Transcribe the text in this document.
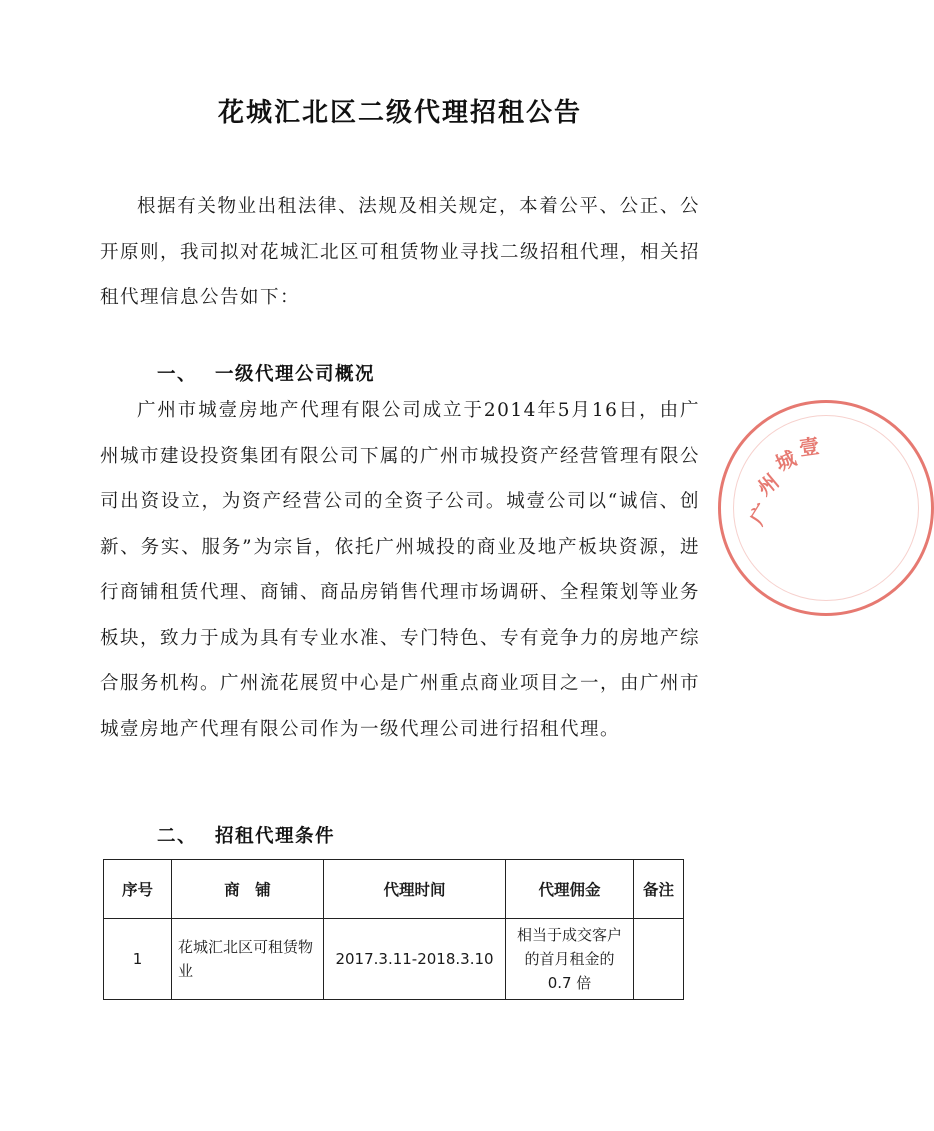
花城汇北区二级代理招租公告

根据有关物业出租法律、法规及相关规定，本着公平、公正、公开原则，我司拟对花城汇北区可租赁物业寻找二级招租代理，相关招租代理信息公告如下：

一、 一级代理公司概况

广州市城壹房地产代理有限公司成立于2014年5月16日，由广州城市建设投资集团有限公司下属的广州市城投资产经营管理有限公司出资设立，为资产经营公司的全资子公司。城壹公司以“诚信、创新、务实、服务”为宗旨，依托广州城投的商业及地产板块资源，进行商铺租赁代理、商铺、商品房销售代理市场调研、全程策划等业务板块，致力于成为具有专业水准、专门特色、专有竞争力的房地产综合服务机构。广州流花展贸中心是广州重点商业项目之一，由广州市城壹房地产代理有限公司作为一级代理公司进行招租代理。

二、 招租代理条件
序号	商　铺	代理时间	代理佣金	备注
1	花城汇北区可租赁物业	2017.3.11-2018.3.10	相当于成交客户的首月租金的 0.7 倍	
广
州
城
壹
